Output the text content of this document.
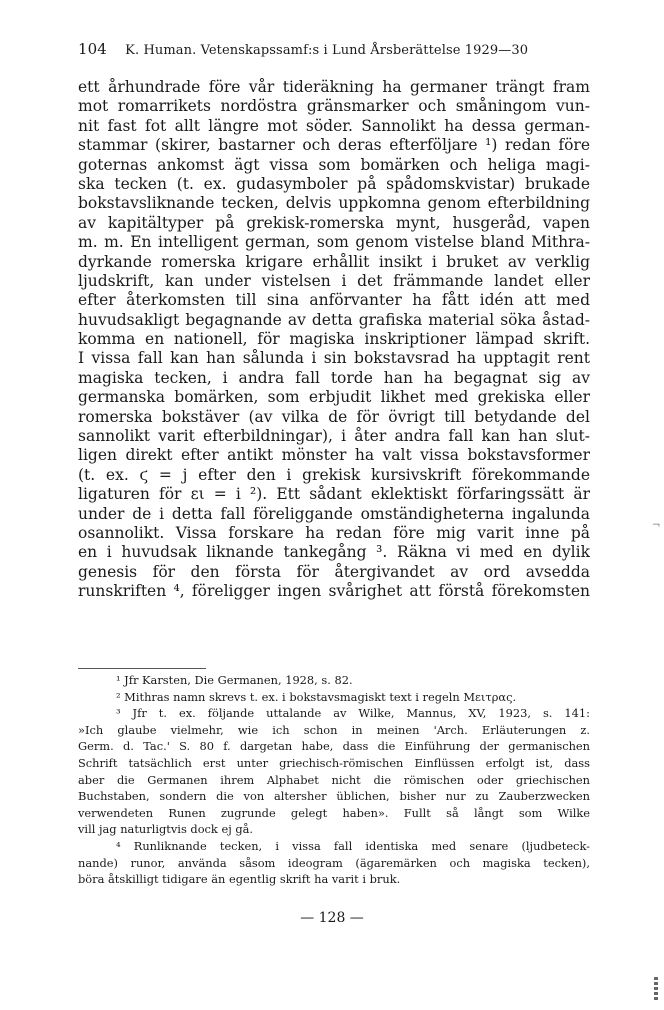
104 K. Human. Vetenskapssamf:s i Lund Årsberättelse 1929—30
ett århundrade före vår tideräkning ha germaner trängt fram
mot romarrikets nordöstra gränsmarker och småningom vun-
nit fast fot allt längre mot söder. Sannolikt ha dessa german-
stammar (skirer, bastarner och deras efterföljare ¹) redan före
goternas ankomst ägt vissa som bomärken och heliga magi-
ska tecken (t. ex. gudasymboler på spådomskvistar) brukade
bokstavsliknande tecken, delvis uppkomna genom efterbildning
av kapitältyper på grekisk-romerska mynt, husgeråd, vapen
m. m. En intelligent german, som genom vistelse bland Mithra-
dyrkande romerska krigare erhållit insikt i bruket av verklig
ljudskrift, kan under vistelsen i det främmande landet eller
efter återkomsten till sina anförvanter ha fått idén att med
huvudsakligt begagnande av detta grafiska material söka åstad-
komma en nationell, för magiska inskriptioner lämpad skrift.
I vissa fall kan han sålunda i sin bokstavsrad ha upptagit rent
magiska tecken, i andra fall torde han ha begagnat sig av
germanska bomärken, som erbjudit likhet med grekiska eller
romerska bokstäver (av vilka de för övrigt till betydande del
sannolikt varit efterbildningar), i åter andra fall kan han slut-
ligen direkt efter antikt mönster ha valt vissa bokstavsformer
(t. ex. ϛ = j efter den i grekisk kursivskrift förekommande
ligaturen för ει = i ²). Ett sådant eklektiskt förfaringssätt är
under de i detta fall föreliggande omständigheterna ingalunda
osannolikt. Vissa forskare ha redan före mig varit inne på
en i huvudsak liknande tankegång ³. Räkna vi med en dylik
genesis för den första för återgivandet av ord avsedda
runskriften ⁴, föreligger ingen svårighet att förstå förekomsten
¹ Jfr Karsten, Die Germanen, 1928, s. 82.
² Mithras namn skrevs t. ex. i bokstavsmagiskt text i regeln Μειτρας.
³ Jfr t. ex. följande uttalande av Wilke, Mannus, XV, 1923, s. 141:
»Ich glaube vielmehr, wie ich schon in meinen 'Arch. Erläuterungen z.
Germ. d. Tac.' S. 80 f. dargetan habe, dass die Einführung der germanischen
Schrift tatsächlich erst unter griechisch-römischen Einflüssen erfolgt ist, dass
aber die Germanen ihrem Alphabet nicht die römischen oder griechischen
Buchstaben, sondern die von altersher üblichen, bisher nur zu Zauberzwecken
verwendeten Runen zugrunde gelegt haben». Fullt så långt som Wilke
vill jag naturligtvis dock ej gå.
⁴ Runliknande tecken, i vissa fall identiska med senare (ljudbeteck-
nande) runor, använda såsom ideogram (ägaremärken och magiska tecken),
böra åtskilligt tidigare än egentlig skrift ha varit i bruk.
— 128 —
¬
